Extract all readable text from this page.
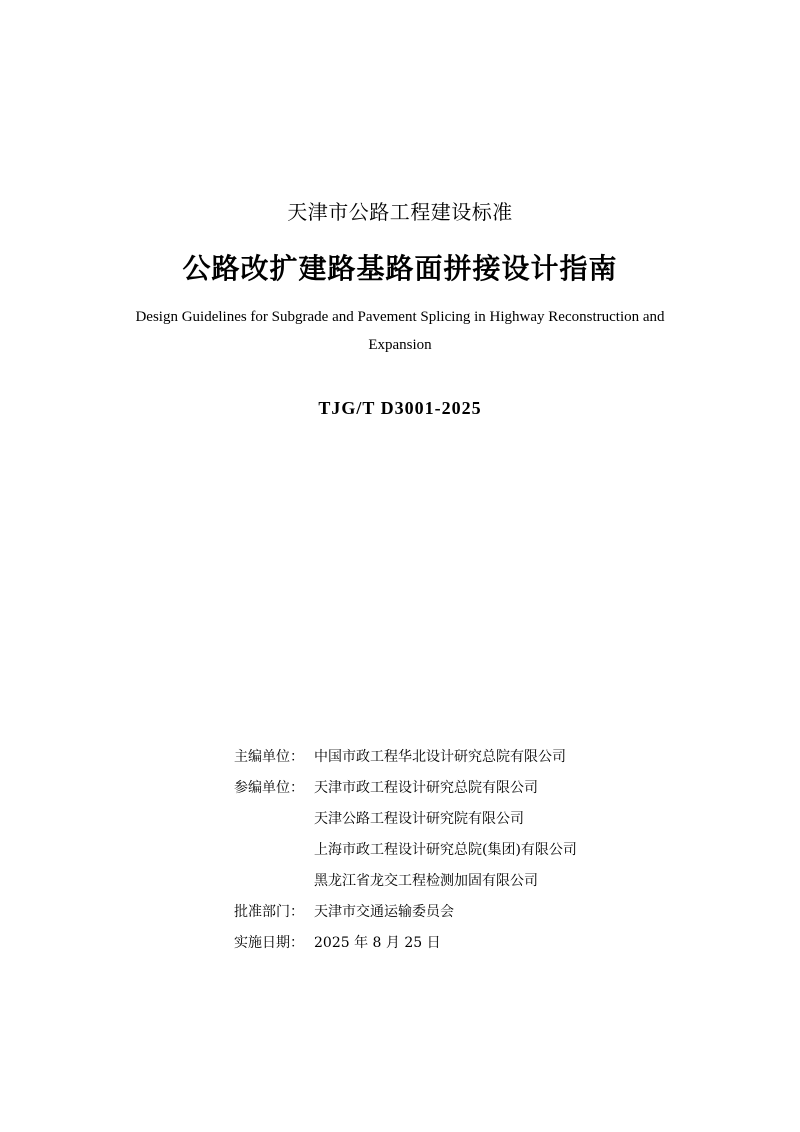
天津市公路工程建设标准
公路改扩建路基路面拼接设计指南
Design Guidelines for Subgrade and Pavement Splicing in Highway Reconstruction and Expansion
TJG/T D3001-2025
主编单位： 中国市政工程华北设计研究总院有限公司
参编单位： 天津市政工程设计研究总院有限公司
天津公路工程设计研究院有限公司
上海市政工程设计研究总院(集团)有限公司
黑龙江省龙交工程检测加固有限公司
批准部门： 天津市交通运输委员会
实施日期： 2025 年 8 月 25 日
